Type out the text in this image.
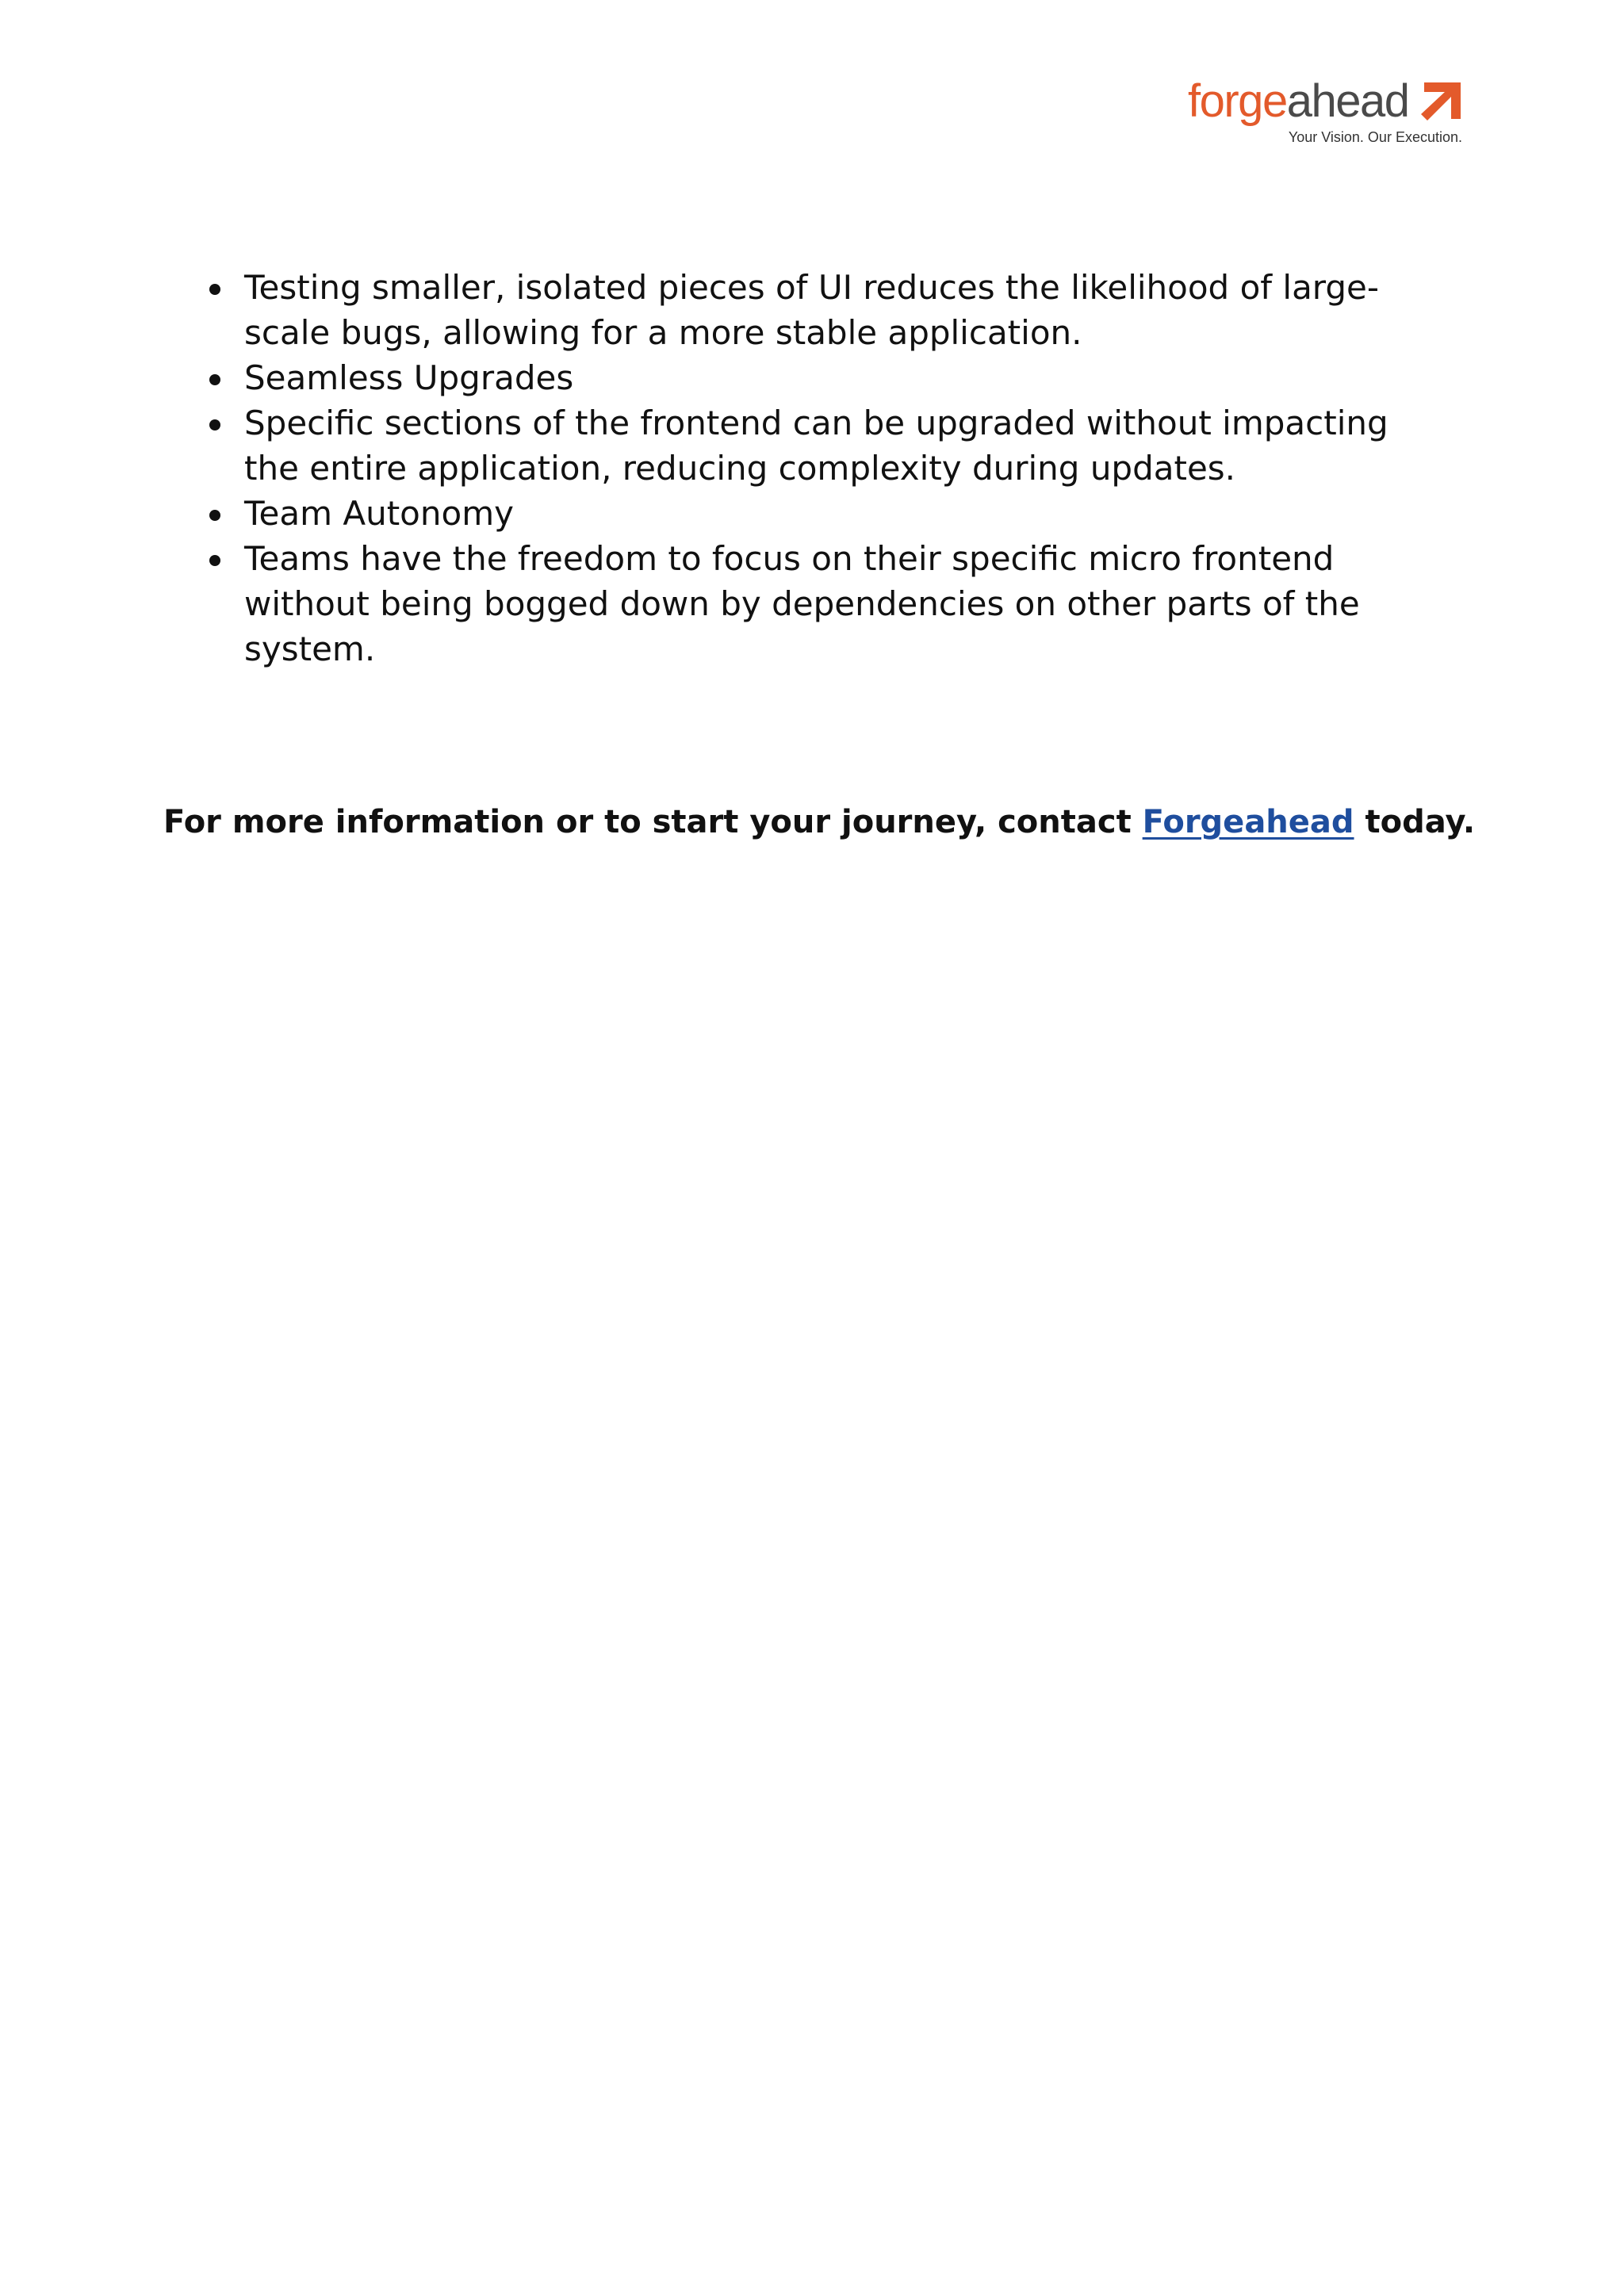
forgeahead
Your Vision. Our Execution.
Testing smaller, isolated pieces of UI reduces the likelihood of large-scale bugs, allowing for a more stable application.
Seamless Upgrades
Specific sections of the frontend can be upgraded without impacting the entire application, reducing complexity during updates.
Team Autonomy
Teams have the freedom to focus on their specific micro frontend without being bogged down by dependencies on other parts of the system.

For more information or to start your journey, contact Forgeahead today.
